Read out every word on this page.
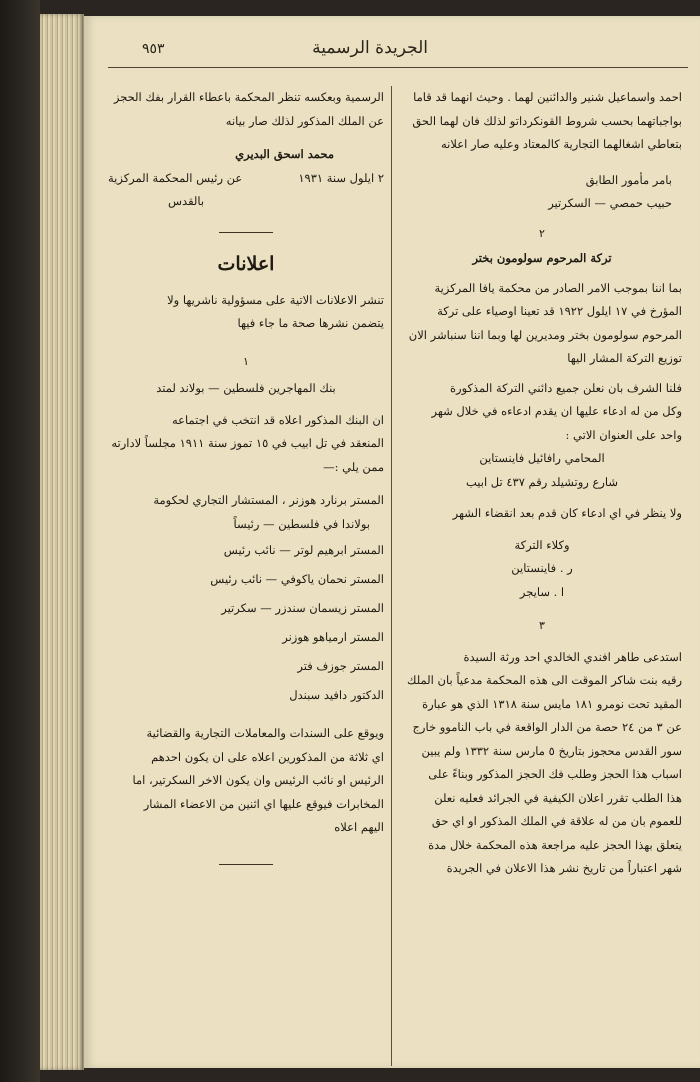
الجريدة الرسمية
٩٥٣

احمد واسماعيل شنير والدائنين لهما . وحيث انهما قد قاما

بواجباتهما بحسب شروط القونكرداتو لذلك فان لهما الحق

بتعاطي اشغالهما التجارية كالمعتاد وعليه صار اعلانه

بامر مأمور الطابق

حبيب حمصي — السكرتير

٢

تركة المرحوم سولومون بختر

بما اننا بموجب الامر الصادر من محكمة يافا المركزية

المؤرخ في ١٧ ايلول ١٩٢٢ قد تعينا اوصياء على تركة

المرحوم سولومون بختر ومديرين لها وبما اننا سنباشر الان

توزيع التركة المشار اليها

فلنا الشرف بان نعلن جميع دائني التركة المذكورة

وكل من له ادعاء عليها ان يقدم ادعاءه في خلال شهر

واحد على العنوان الاتي :

المحامي رافائيل فاينستاين

شارع روتشيلد رقم ٤٣٧ تل ابيب

ولا ينظر في اي ادعاء كان قدم بعد انقضاء الشهر

وكلاء التركة

ر . فاينستاين

ا . سايجر

٣

استدعى طاهر افندي الخالدي احد ورثة السيدة

رقيه بنت شاكر الموقت الى هذه المحكمة مدعياً بان الملك

المقيد تحت نومرو ١٨١ مايس سنة ١٣١٨ الذي هو عبارة

عن ٣ من ٢٤ حصة من الدار الواقعة في باب الناموو خارج

سور القدس محجوز بتاريخ ٥ مارس سنة ١٣٣٢ ولم يبين

اسباب هذا الحجز وطلب فك الحجز المذكور وبناءً على

هذا الطلب تقرر اعلان الكيفية في الجرائد فعليه نعلن

للعموم بان من له علاقة في الملك المذكور او اي حق

يتعلق بهذا الحجز عليه مراجعة هذه المحكمة خلال مدة

شهر اعتباراً من تاريخ نشر هذا الاعلان في الجريدة

الرسمية وبعكسه تنظر المحكمة باعطاء القرار بفك الحجز

عن الملك المذكور لذلك صار بيانه

محمد اسحق البديري

٢ ايلول سنة ١٩٣١
عن رئيس المحكمة المركزية

بالقدس

اعلانات

تنشر الاعلانات الاتية على مسؤولية ناشريها ولا

يتضمن نشرها صحة ما جاء فيها

١

بنك المهاجرين فلسطين — بولاند لمتد

ان البنك المذكور اعلاه قد انتخب في اجتماعه

المنعقد في تل ابيب في ١٥ تموز سنة ١٩١١ مجلساً لادارته

ممن يلي :—

المستر برنارد هوزنر ، المستشار التجاري لحكومة

بولاندا في فلسطين — رئيساً

المستر ابرهيم لوتر — نائب رئيس

المستر نحمان ياكوفي — نائب رئيس

المستر زيسمان سندزر — سكرتير

المستر ارمياهو هوزنر

المستر جوزف فتر

الدكتور دافيد سبندل

ويوقع على السندات والمعاملات التجارية والقضائية

اي ثلاثة من المذكورين اعلاه على ان يكون احدهم

الرئيس او نائب الرئيس وان يكون الاخر السكرتير، اما

المخابرات فيوقع عليها اي اثنين من الاعضاء المشار

اليهم اعلاه
